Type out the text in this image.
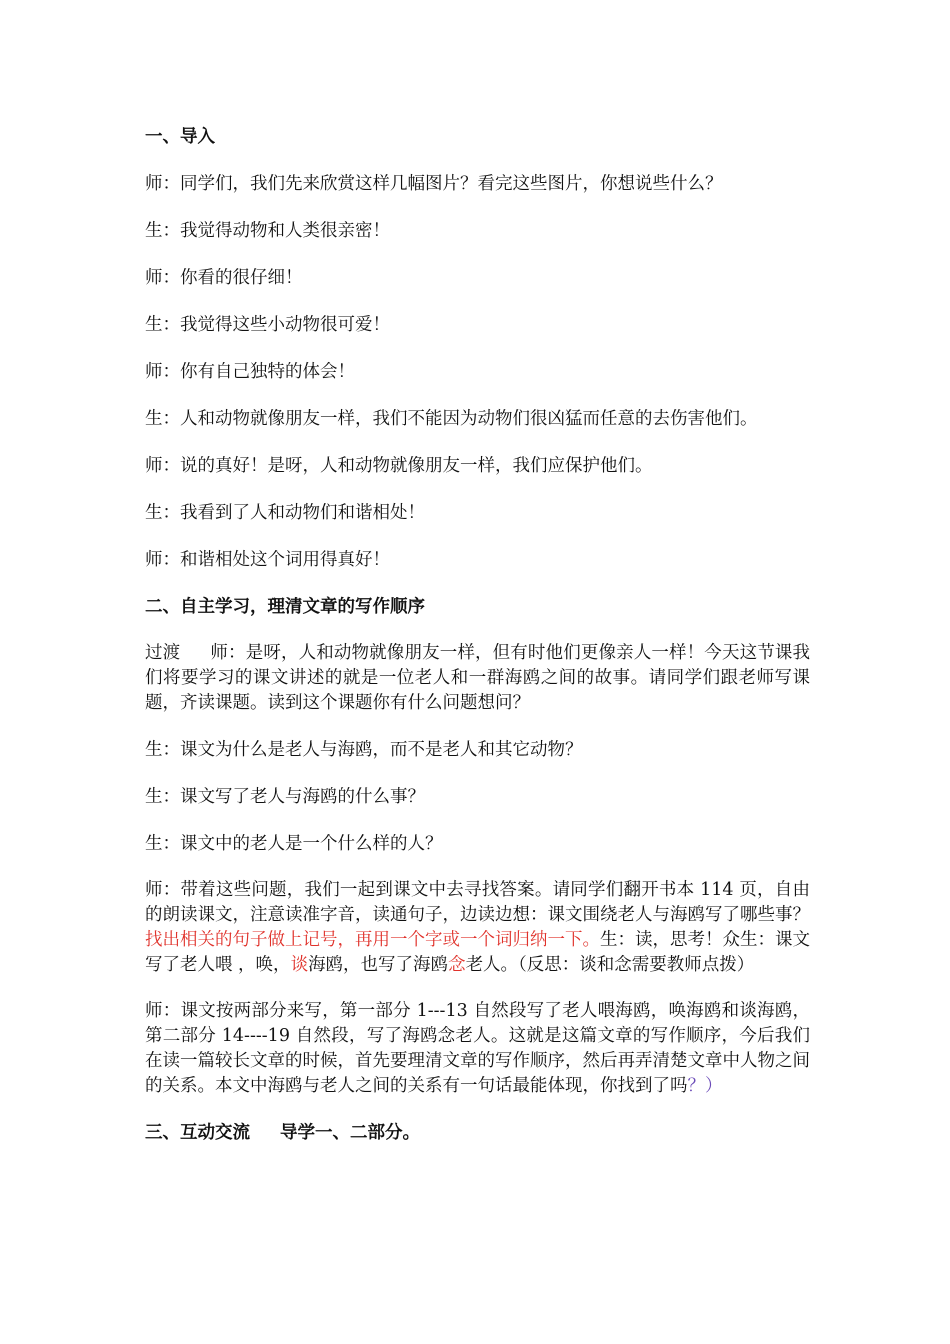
一、导入
师：同学们，我们先来欣赏这样几幅图片？看完这些图片，你想说些什么？
生：我觉得动物和人类很亲密！
师：你看的很仔细！
生：我觉得这些小动物很可爱！
师：你有自己独特的体会！
生：人和动物就像朋友一样，我们不能因为动物们很凶猛而任意的去伤害他们。
师：说的真好！是呀，人和动物就像朋友一样，我们应保护他们。
生：我看到了人和动物们和谐相处！
师：和谐相处这个词用得真好！
二、自主学习，理清文章的写作顺序
过渡 师：是呀，人和动物就像朋友一样，但有时他们更像亲人一样！今天这节课我们将要学习的课文讲述的就是一位老人和一群海鸥之间的故事。请同学们跟老师写课题，齐读课题。读到这个课题你有什么问题想问？
生：课文为什么是老人与海鸥，而不是老人和其它动物？
生：课文写了老人与海鸥的什么事？
生：课文中的老人是一个什么样的人？
师：带着这些问题，我们一起到课文中去寻找答案。请同学们翻开书本 114 页，自由的朗读课文，注意读准字音，读通句子，边读边想：课文围绕老人与海鸥写了哪些事？找出相关的句子做上记号，再用一个字或一个词归纳一下。生：读，思考！众生：课文写了老人喂 ，唤，谈海鸥，也写了海鸥念老人。（反思：谈和念需要教师点拨）
师：课文按两部分来写，第一部分 1---13 自然段写了老人喂海鸥，唤海鸥和谈海鸥，第二部分 14----19 自然段，写了海鸥念老人。这就是这篇文章的写作顺序，今后我们在读一篇较长文章的时候，首先要理清文章的写作顺序，然后再弄清楚文章中人物之间的关系。本文中海鸥与老人之间的关系有一句话最能体现，你找到了吗？）
三、互动交流 导学一、二部分。
